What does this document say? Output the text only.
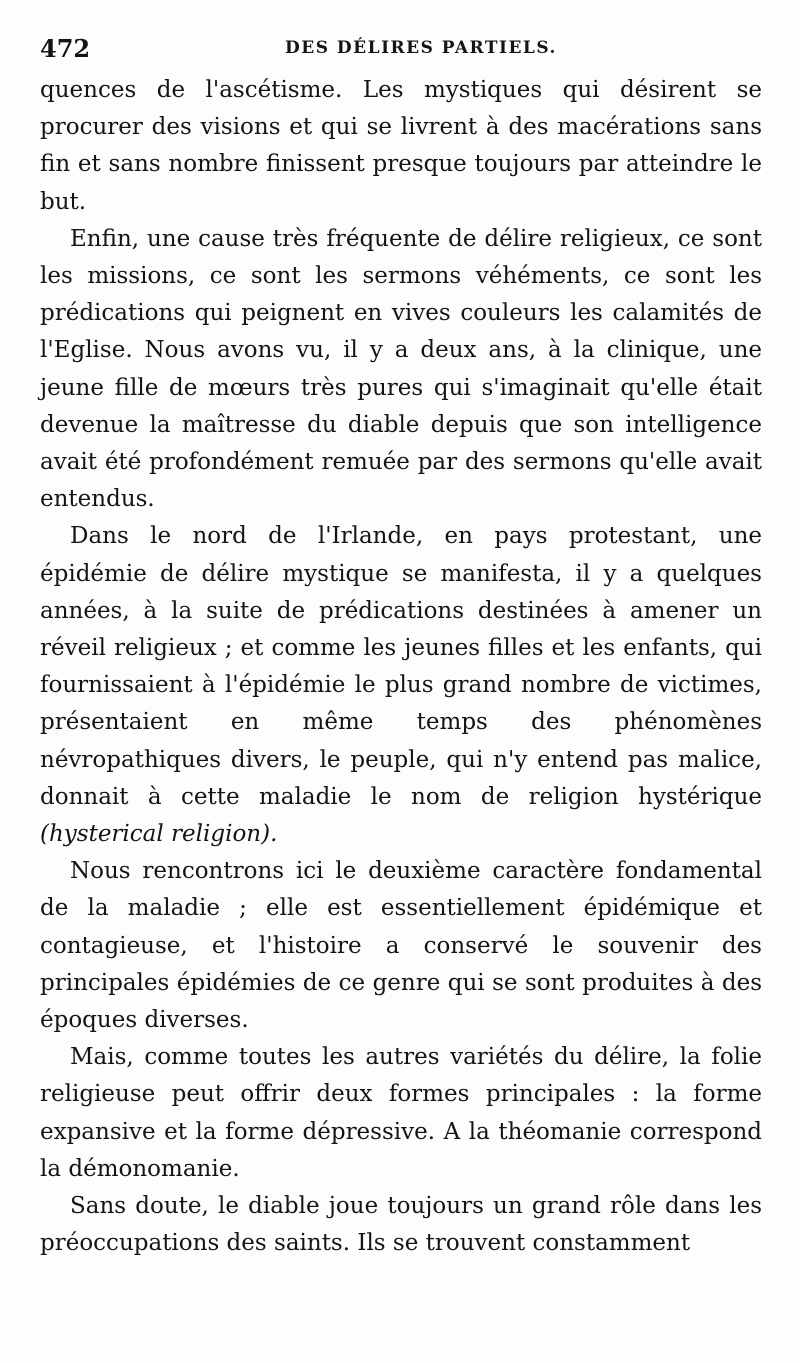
472	DES DÉLIRES PARTIELS.

quences de l'ascétisme. Les mystiques qui désirent se procurer des visions et qui se livrent à des macérations sans fin et sans nombre finissent presque toujours par atteindre le but.

Enfin, une cause très fréquente de délire religieux, ce sont les missions, ce sont les sermons véhéments, ce sont les prédications qui peignent en vives couleurs les calamités de l'Eglise. Nous avons vu, il y a deux ans, à la clinique, une jeune fille de mœurs très pures qui s'imaginait qu'elle était devenue la maîtresse du diable depuis que son intelligence avait été profondément remuée par des sermons qu'elle avait entendus.

Dans le nord de l'Irlande, en pays protestant, une épidémie de délire mystique se manifesta, il y a quelques années, à la suite de prédications destinées à amener un réveil religieux ; et comme les jeunes filles et les enfants, qui fournissaient à l'épidémie le plus grand nombre de victimes, présentaient en même temps des phénomènes névropathiques divers, le peuple, qui n'y entend pas malice, donnait à cette maladie le nom de religion hystérique (hysterical religion).

Nous rencontrons ici le deuxième caractère fondamental de la maladie ; elle est essentiellement épidémique et contagieuse, et l'histoire a conservé le souvenir des principales épidémies de ce genre qui se sont produites à des époques diverses.

Mais, comme toutes les autres variétés du délire, la folie religieuse peut offrir deux formes principales : la forme expansive et la forme dépressive. A la théomanie correspond la démonomanie.

Sans doute, le diable joue toujours un grand rôle dans les préoccupations des saints. Ils se trouvent constamment
